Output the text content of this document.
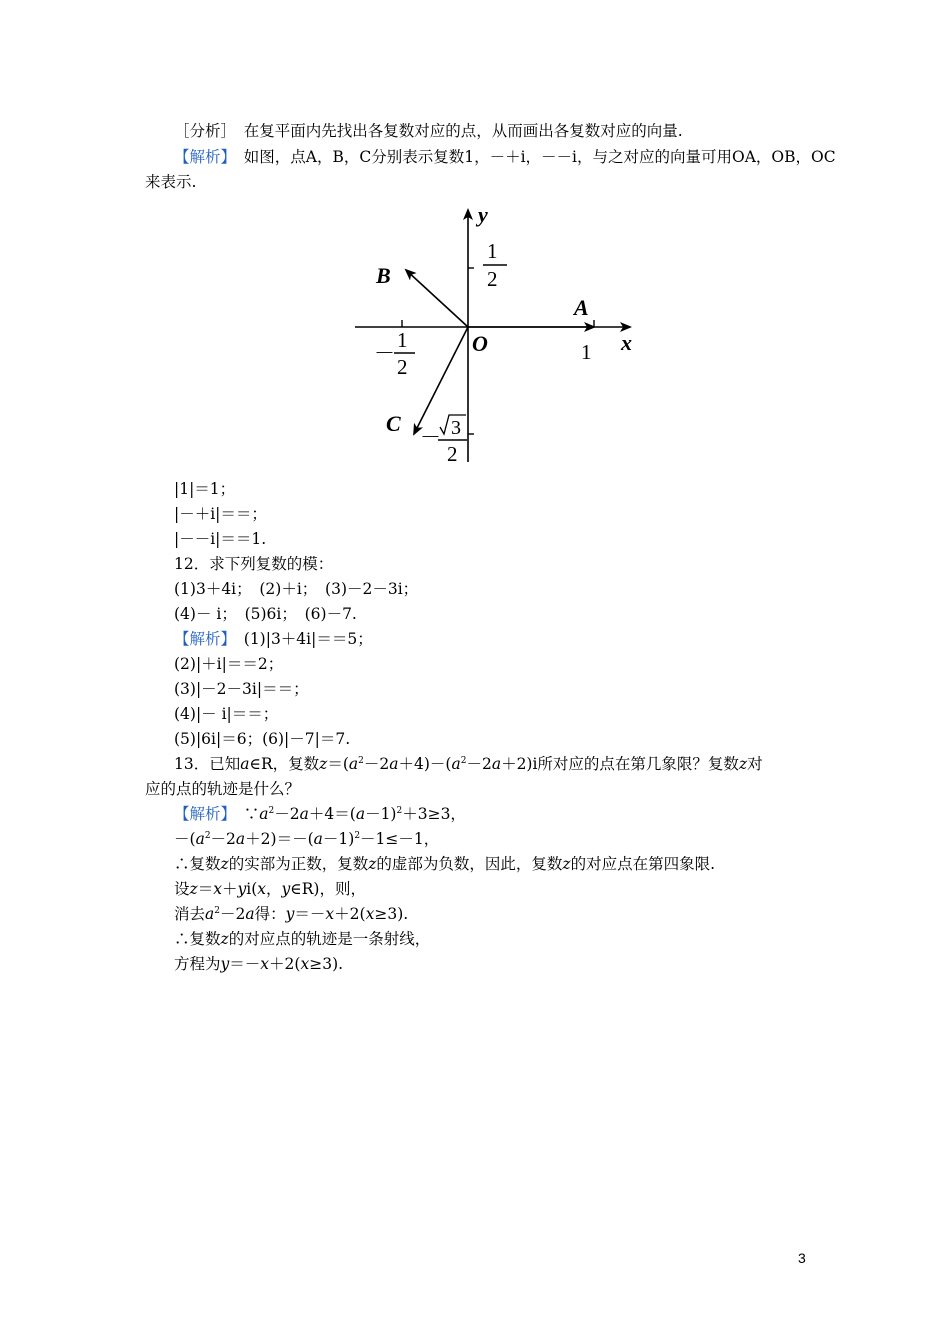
［分析］　在复平面内先找出各复数对应的点，从而画出各复数对应的向量.
【解析】　如图，点A，B，C分别表示复数1，－＋i，－－i，与之对应的向量可用OA，OB，OC
来表示.
y
x
O
A
B
C
1
2
－
1
2
1
－ 3
2
|1|＝1；
|－＋i|＝＝；
|－－i|＝＝1.
12．求下列复数的模：
(1)3＋4i；　(2)＋i；　(3)－2－3i；
(4)－ i；　(5)6i；　(6)－7.
【解析】　(1)|3＋4i|＝＝5；
(2)|＋i|＝＝2；
(3)|－2－3i|＝＝；
(4)|－ i|＝＝；
(5)|6i|＝6；(6)|－7|＝7.
13．已知a∈R，复数$z=(a^2-2a+4)-(a^2-2a+2)i$所对应的点在第几象限？复数z对
应的点的轨迹是什么？
【解析】　$\because a^2-2a+4=(a-1)^2+3\ge 3$，
$-(a^2-2a+2)=-(a-1)^2-1\le-1$，
∴复数z的实部为正数，复数z的虚部为负数，因此，复数z的对应点在第四象限.
设z＝x＋yi(x，y∈R)，则，
消去$a^2-2a$得：y＝－x＋2(x≥3).
∴复数z的对应点的轨迹是一条射线，
方程为y＝－x＋2(x≥3).
3
